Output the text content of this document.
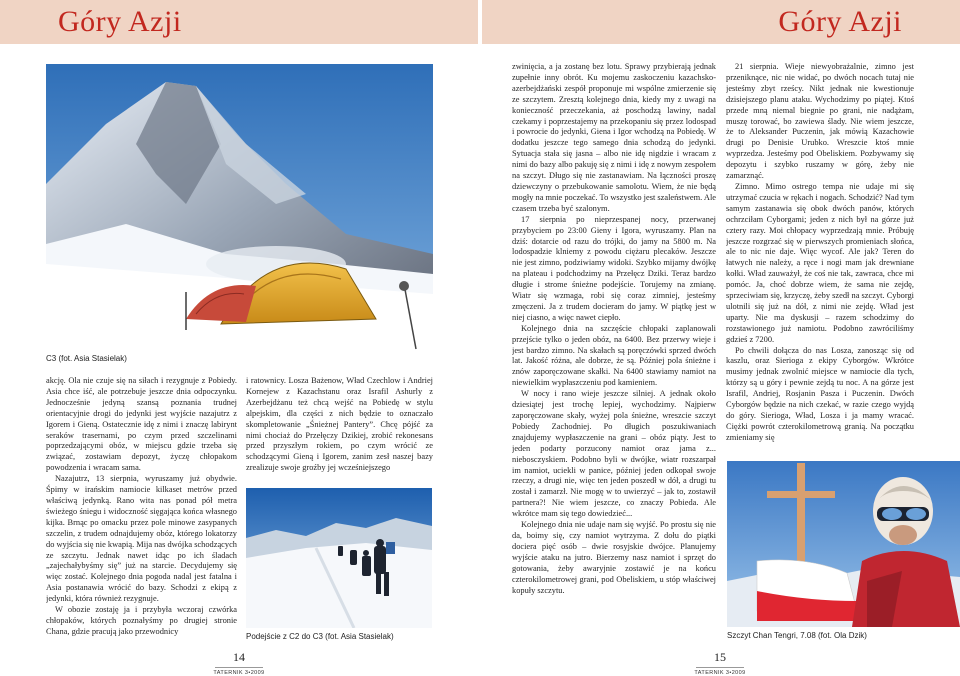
Góry Azji	Góry Azji
C3 (fot. Asia Stasielak)
Podejście z C2 do C3 (fot. Asia Stasielak)	Szczyt Chan Tengri, 7.08 (fot. Ola Dzik)

akcję. Ola nie czuje się na siłach i rezygnuje z Pobiedy. Asia chce iść, ale potrzebuje jeszcze dnia odpoczynku. Jednocześnie jedyną szansą poznania trudnej orientacyjnie drogi do jedynki jest wyjście nazajutrz z Igorem i Gieną. Ostatecznie idę z nimi i znaczę labirynt seraków trasernami, po czym przed szczelinami poprzedzającymi obóz, w miejscu gdzie trzeba się związać, zostawiam depozyt, życzę chłopakom powodzenia i wracam sama.

Nazajutrz, 13 sierpnia, wyruszamy już obydwie. Śpimy w irańskim namiocie kilkaset metrów przed właściwą jedynką. Rano wita nas ponad pół metra świeżego śniegu i widoczność sięgająca końca własnego kijka. Brnąc po omacku przez pole minowe zasypanych szczelin, z trudem odnajdujemy obóz, którego lokatorzy do wyjścia się nie kwapią. Mija nas dwójka schodzących ze szczytu. Jednak nawet idąc po ich śladach „zajechałybyśmy się” już na starcie. Decydujemy się więc zostać. Kolejnego dnia pogoda nadal jest fatalna i Asia postanawia wrócić do bazy. Schodzi z ekipą z jedynki, która również rezygnuje.

W obozie zostaję ja i przybyła wczoraj czwórka chłopaków, których poznałyśmy po drugiej stronie Chana, gdzie pracują jako przewodnicy

i ratownicy. Losza Bażenow, Wład Czechlow i Andriej Kornejew z Kazachstanu oraz Israfil Ashurly z Azerbejdżanu też chcą wejść na Pobiedę w stylu alpejskim, dla części z nich będzie to oznaczało skompletowanie „Śnieżnej Pantery”. Chcę pójść za nimi chociaż do Przełęczy Dzikiej, zrobić rekonesans przed przyszłym rokiem, po czym wrócić ze schodzącymi Gieną i Igorem, zanim zesł naszej bazy zrealizuje swoje groźby jej wcześniejszego

zwinięcia, a ja zostanę bez lotu. Sprawy przybierają jednak zupełnie inny obrót. Ku mojemu zaskoczeniu kazachsko-azerbejdżański zespół proponuje mi wspólne zmierzenie się ze szczytem. Zresztą kolejnego dnia, kiedy my z uwagi na konieczność przeczekania, aż poschodzą lawiny, nadal czekamy i poprzestajemy na przekopaniu się przez lodospad i powrocie do jedynki, Giena i Igor wchodzą na Pobiedę. W dodatku jeszcze tego samego dnia schodzą do jedynki. Sytuacja stała się jasna – albo nie idę nigdzie i wracam z nimi do bazy albo pakuję się z nimi i idę z nowym zespołem na szczyt. Długo się nie zastanawiam. Na łączności proszę dziewczyny o przebukowanie samolotu. Wiem, że nie będą mogły na mnie poczekać. To wszystko jest szaleństwem. Ale czasem trzeba być szalonym.

17 sierpnia po nieprzespanej nocy, przerwanej przybyciem po 23:00 Gieny i Igora, wyruszamy. Plan na dziś: dotarcie od razu do trójki, do jamy na 5800 m. Na lodospadzie klniemy z powodu ciężaru plecaków. Jeszcze nie jest zimno, podziwiamy widoki. Szybko mijamy dwójkę na plateau i podchodzimy na Przełęcz Dziki. Teraz bardzo długie i strome śnieżne podejście. Torujemy na zmianę. Wiatr się wzmaga, robi się coraz zimniej, jesteśmy zmęczeni. Ja z trudem docieram do jamy. W piątkę jest w niej ciasno, a więc nawet ciepło.

Kolejnego dnia na szczęście chłopaki zaplanowali przejście tylko o jeden obóz, na 6400. Bez przerwy wieje i jest bardzo zimno. Na skałach są poręczówki sprzed dwóch lat. Jakość różna, ale dobrze, że są. Później pola śnieżne i znów zaporęczowane skałki. Na 6400 stawiamy namiot na niewielkim wypłaszczeniu pod kamieniem.

W nocy i rano wieje jeszcze silniej. A jednak około dziesiątej jest trochę lepiej, wychodzimy. Najpierw zaporęczowane skały, wyżej pola śnieżne, wreszcie szczyt Pobiedy Zachodniej. Po długich poszukiwaniach znajdujemy wypłaszczenie na grani – obóz piąty. Jest to jeden podarty porzucony namiot oraz jama z... niebosczyskiem. Podobno byli w dwójke, wiatr rozszarpał im namiot, uciekli w panice, później jeden odkopał swoje rzeczy, a drugi nie, więc ten jeden poszedł w dół, a drugi tu został i zamarzł. Nie mogę w to uwierzyć – jak to, zostawił partnera?! Nie wiem jeszcze, co znaczy Pobieda. Ale wkrótce mam się tego dowiedzieć...

Kolejnego dnia nie udaje nam się wyjść. Po prostu się nie da, boimy się, czy namiot wytrzyma. Z dołu do piątki docierа pięć osób – dwie rosyjskie dwójce. Planujemy wyjście ataku na jutro. Bierzemy nasz namiot i sprzęt do gotowania, żeby awaryjnie zostawić je na końcu czterokilometrowej grani, pod Obeliskiem, u stóp właściwej kopuły szczytu.

21 sierpnia. Wieje niewyobrażalnie, zimno jest przeniknące, nic nie widać, po dwóch nocach tutaj nie jesteśmy zbyt rześcy. Nikt jednak nie kwestionuje dzisiejszego planu ataku. Wychodzimy po piątej. Ktoś przede mną niemal biegnie po grani, nie nadążam, muszę torować, bo zawiewa ślady. Nie wiem jeszcze, że to Aleksander Puczenin, jak mówią Kazachowie drugi po Denisie Urubko. Wreszcie ktoś mnie wyprzedza. Jesteśmy pod Obeliskiem. Pozbywamy się depozytu i szybko ruszamy w górę, żeby nie zamarznąć.

Zimno. Mimo ostrego tempa nie udaje mi się utrzymać czucia w rękach i nogach. Schodzić? Nad tym samym zastanawia się obok dwóch panów, których ochrzciłam Cyborgami; jeden z nich był na górze już cztery razy. Moi chłopacy wyprzedzają mnie. Próbuję jeszcze rozgrzać się w pierwszych promieniach słońca, ale to nic nie daje. Więc wycof. Ale jak? Teren do łatwych nie należy, a ręce i nogi mam jak drewniane kołki. Wład zauważył, że coś nie tak, zawraca, chce mi pomóc. Ja, choć dobrze wiem, że sama nie zejdę, sprzeciwiam się, krzyczę, żeby szedł na szczyt. Cyborgi ulotnili się już na dół, z nimi nie zejdę. Wład jest uparty. Nie ma dyskusji – razem schodzimy do rozstawionego już namiotu. Podobno zawróciliśmy gdzieś z 7200.

Po chwili dołącza do nas Losza, zanosząc się od kaszlu, oraz Sierioga z ekipy Cyborgów. Wkrótce musimy jednak zwolnić miejsce w namiocie dla tych, którzy są u góry i pewnie zejdą tu noc. A na górze jest Israfil, Andriej, Rosjanin Pasza i Puczenin. Dwóch Cyborgów będzie na nich czekać, w razie czego wyjdą do góry. Sierioga, Wład, Losza i ja mamy wracać. Ciężki powrót czterokilometrową granią. Na początku zmieniamy się

14
TATERNIK 3•2009
15
TATERNIK 3•2009
